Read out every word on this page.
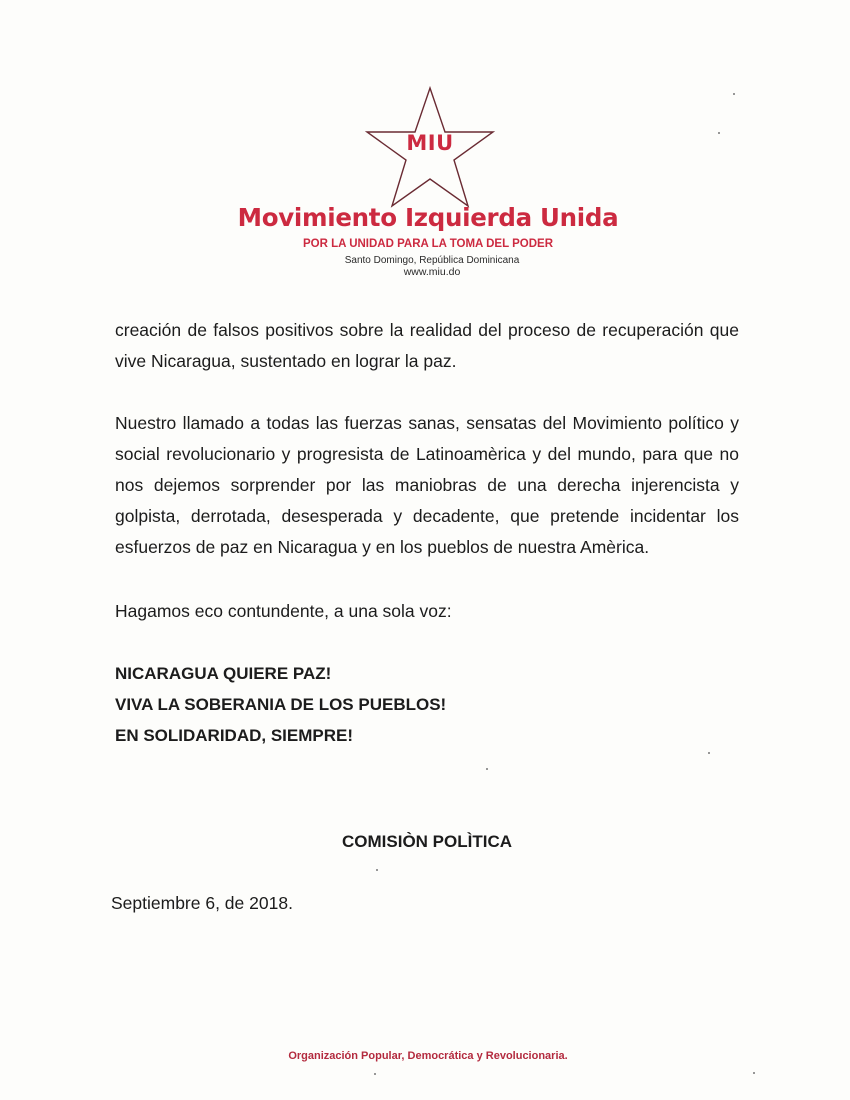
MIU
Movimiento Izquierda Unida
POR LA UNIDAD PARA LA TOMA DEL PODER
Santo Domingo, República Dominicana
www.miu.do

creación de falsos positivos sobre la realidad del proceso de recuperación que vive Nicaragua, sustentado en lograr la paz.

Nuestro llamado a todas las fuerzas sanas, sensatas del Movimiento político y social revolucionario y progresista de Latinoamèrica y del mundo, para que no nos dejemos sorprender por las maniobras de una derecha injerencista y golpista, derrotada, desesperada y decadente, que pretende incidentar los esfuerzos de paz en Nicaragua y en los pueblos de nuestra Amèrica.

Hagamos eco contundente, a una sola voz:

NICARAGUA QUIERE PAZ!
VIVA LA SOBERANIA DE LOS PUEBLOS!
EN SOLIDARIDAD, SIEMPRE!
COMISIÒN POLÌTICA
Septiembre 6, de 2018.
Organización Popular, Democrática y Revolucionaria.
